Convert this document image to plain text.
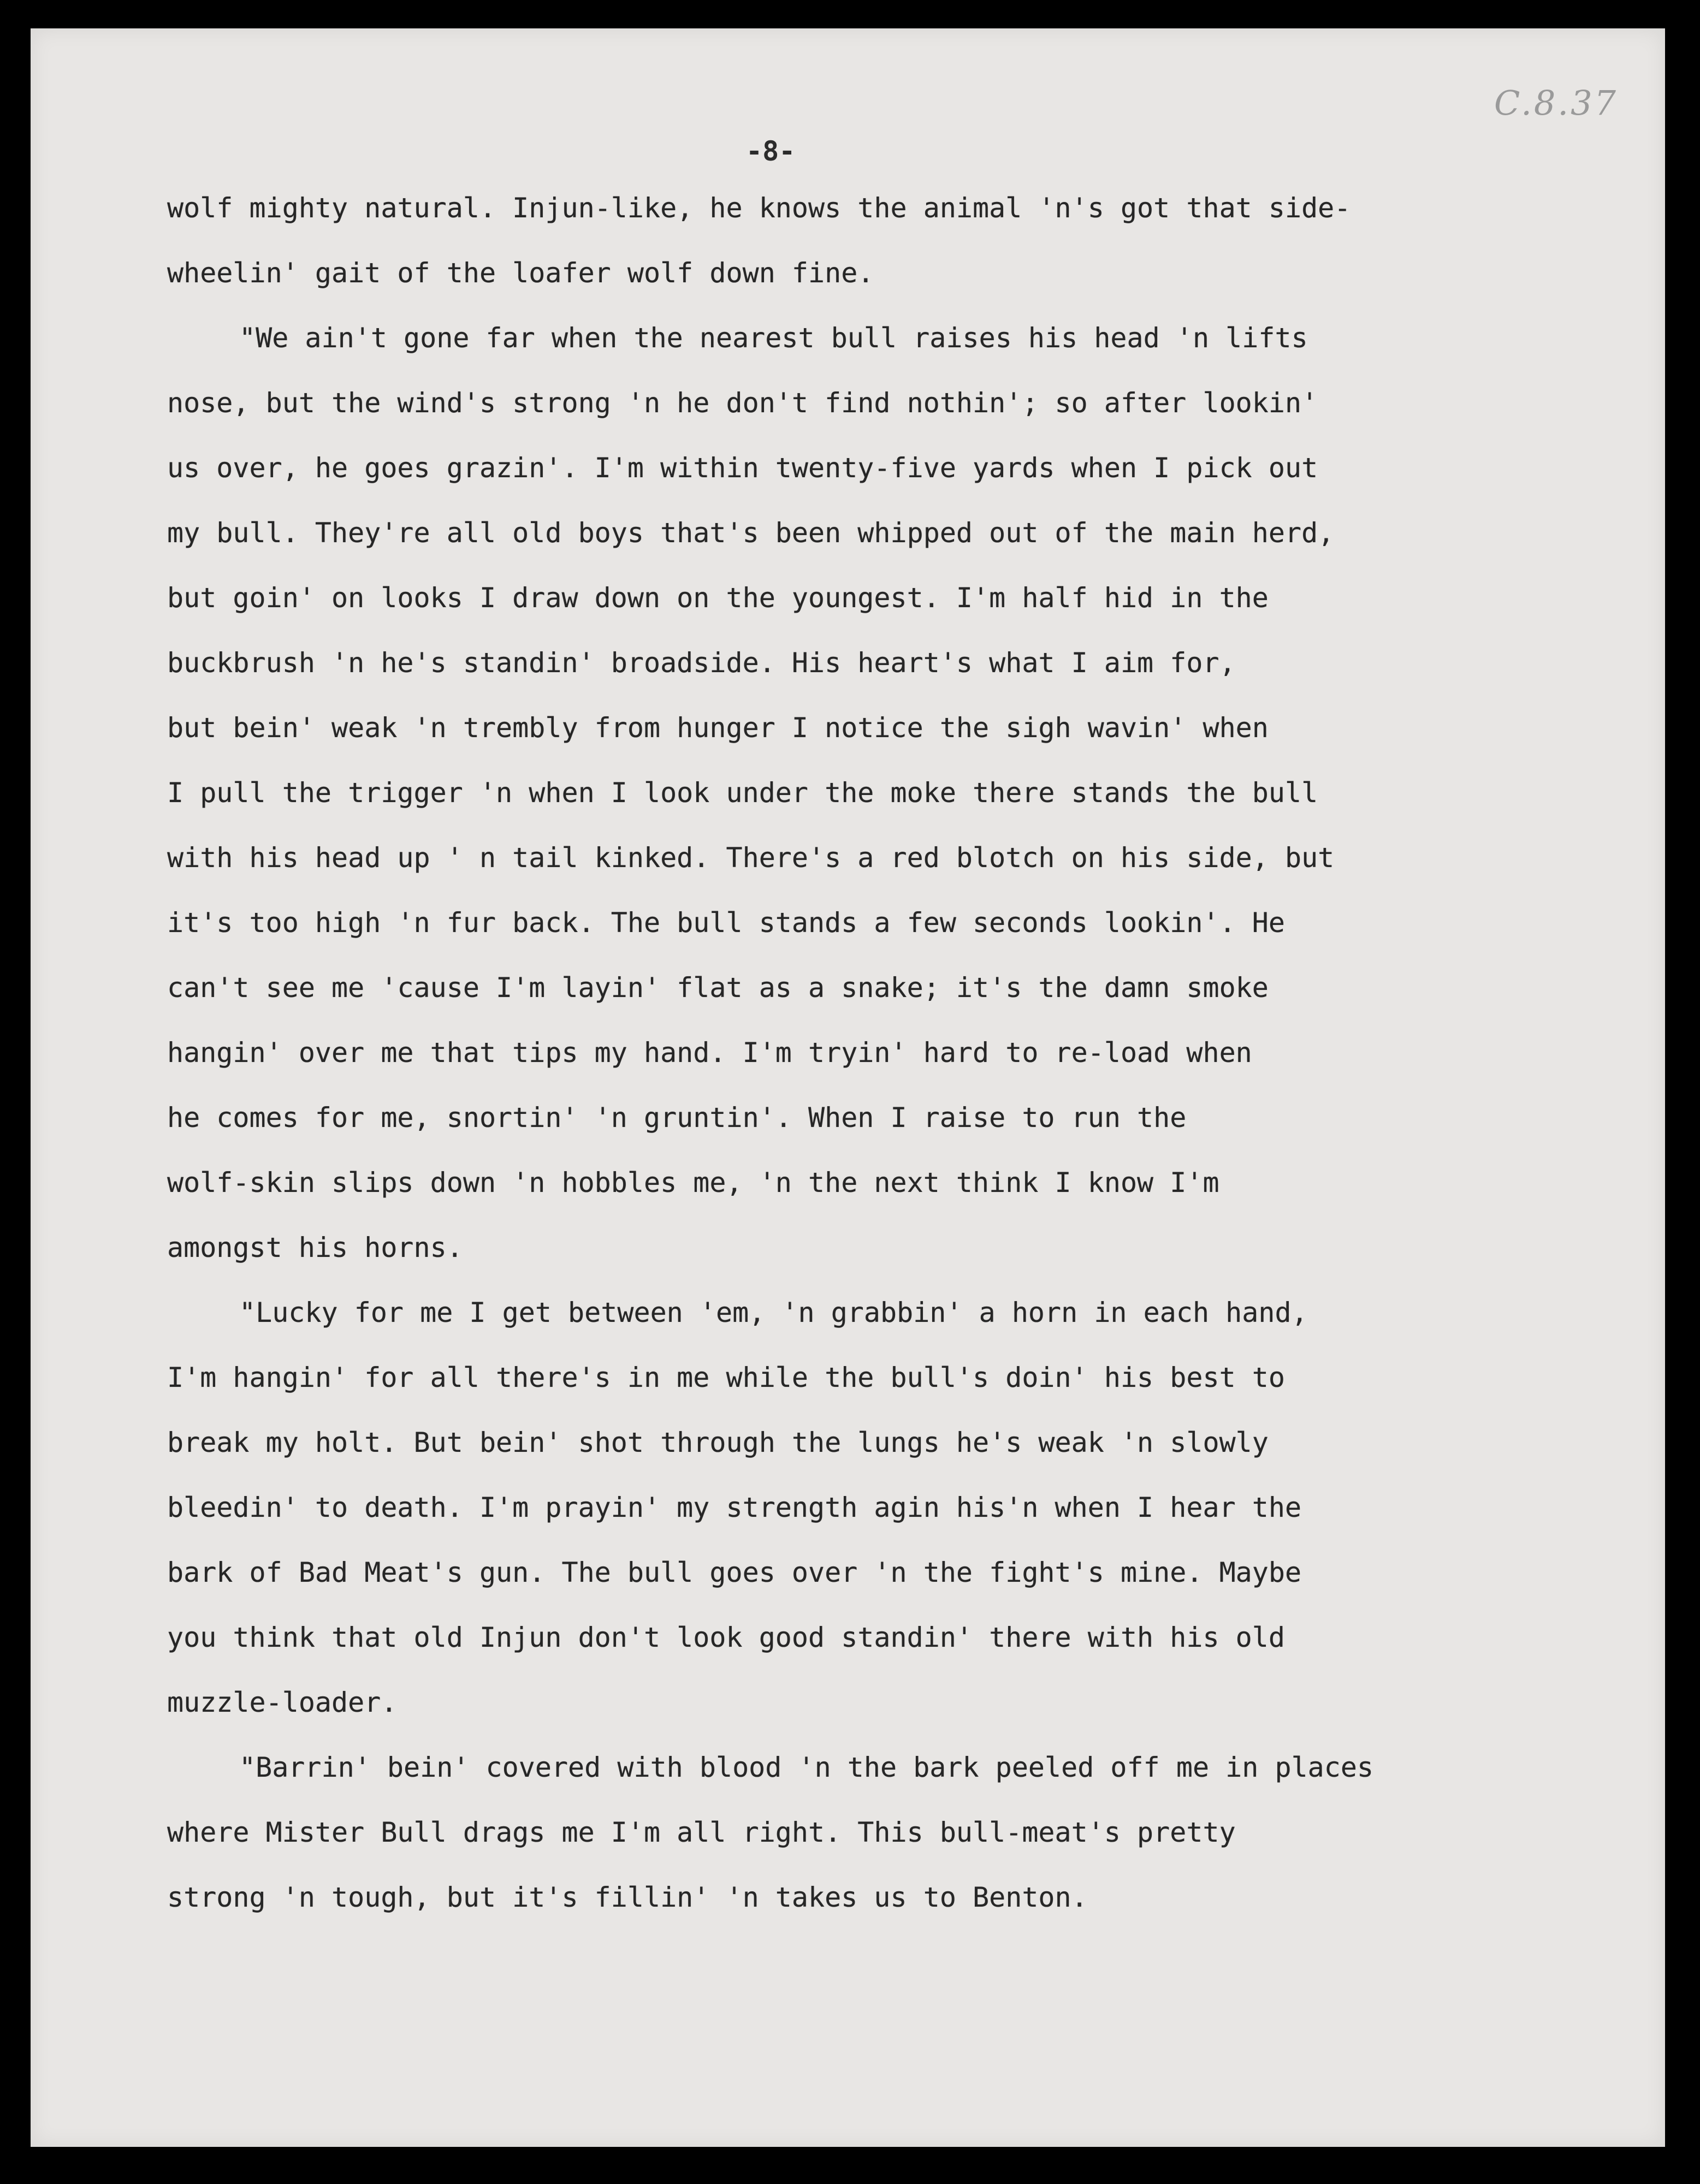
C.8.37
-8-
wolf mighty natural. Injun-like, he knows the animal 'n's got that side-
wheelin' gait of the loafer wolf down fine.
"We ain't gone far when the nearest bull raises his head 'n lifts
nose, but the wind's strong 'n he don't find nothin'; so after lookin'
us over, he goes grazin'. I'm within twenty-five yards when I pick out
my bull. They're all old boys that's been whipped out of the main herd,
but goin' on looks I draw down on the youngest. I'm half hid in the
buckbrush 'n he's standin' broadside. His heart's what I aim for,
but bein' weak 'n trembly from hunger I notice the sigh wavin' when
I pull the trigger 'n when I look under the moke there stands the bull
with his head up ' n tail kinked. There's a red blotch on his side, but
it's too high 'n fur back. The bull stands a few seconds lookin'. He
can't see me 'cause I'm layin' flat as a snake; it's the damn smoke
hangin' over me that tips my hand. I'm tryin' hard to re-load when
he comes for me, snortin' 'n gruntin'. When I raise to run the
wolf-skin slips down 'n hobbles me, 'n the next think I know I'm
amongst his horns.
"Lucky for me I get between 'em, 'n grabbin' a horn in each hand,
I'm hangin' for all there's in me while the bull's doin' his best to
break my holt. But bein' shot through the lungs he's weak 'n slowly
bleedin' to death. I'm prayin' my strength agin his'n when I hear the
bark of Bad Meat's gun. The bull goes over 'n the fight's mine. Maybe
you think that old Injun don't look good standin' there with his old
muzzle-loader.
"Barrin' bein' covered with blood 'n the bark peeled off me in places
where Mister Bull drags me I'm all right. This bull-meat's pretty
strong 'n tough, but it's fillin' 'n takes us to Benton.
